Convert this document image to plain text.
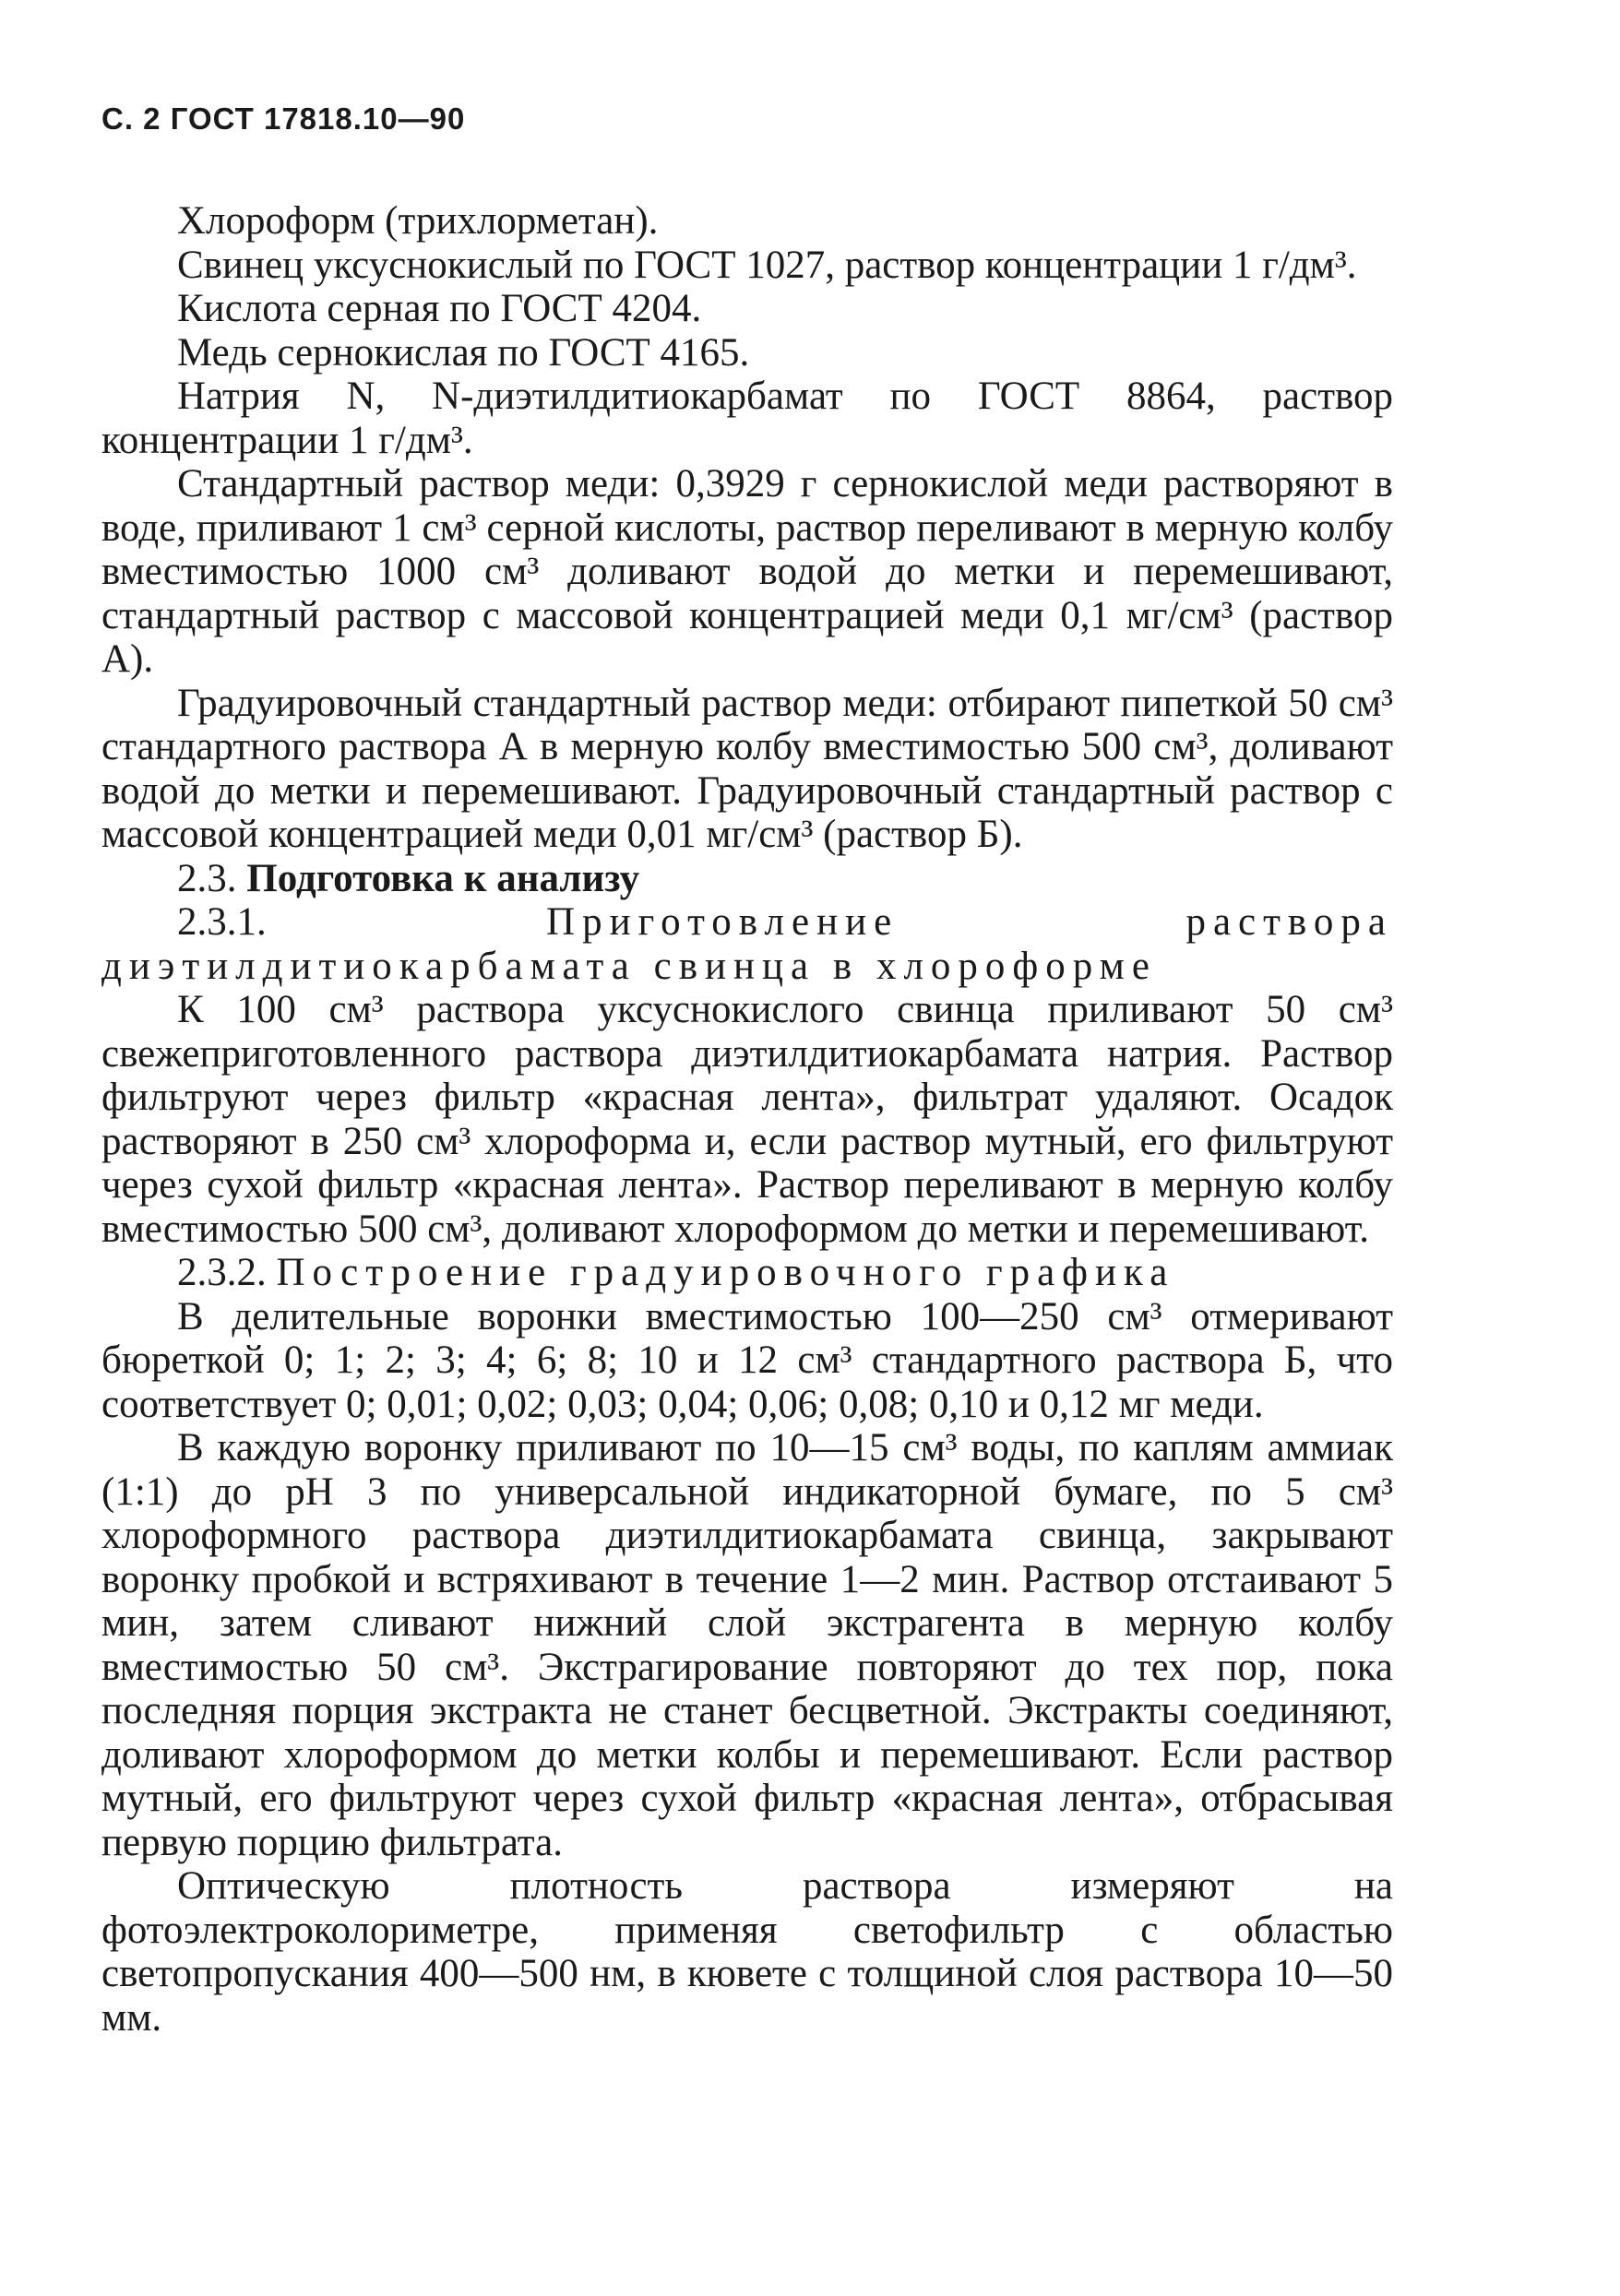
С. 2 ГОСТ 17818.10—90

Хлороформ (трихлорметан).

Свинец уксуснокислый по ГОСТ 1027, раствор концентрации 1 г/дм³.

Кислота серная по ГОСТ 4204.

Медь сернокислая по ГОСТ 4165.

Натрия N, N-диэтилдитиокарбамат по ГОСТ 8864, раствор концентрации 1 г/дм³.

Стандартный раствор меди: 0,3929 г сернокислой меди растворяют в воде, приливают 1 см³ серной кислоты, раствор переливают в мерную колбу вместимостью 1000 см³ доливают водой до метки и перемешивают, стандартный раствор с массовой концентрацией меди 0,1 мг/см³ (раствор А).

Градуировочный стандартный раствор меди: отбирают пипеткой 50 см³ стандартного раствора А в мерную колбу вместимостью 500 см³, доливают водой до метки и перемешивают. Градуировочный стандартный раствор с массовой концентрацией меди 0,01 мг/см³ (раствор Б).

2.3. Подготовка к анализу

2.3.1.	Приготовление раствора диэтилдитиокарбамата свинца в хлороформе

К 100 см³ раствора уксуснокислого свинца приливают 50 см³ свежеприготовленного раствора диэтилдитиокарбамата натрия. Раствор фильтруют через фильтр «красная лента», фильтрат удаляют. Осадок растворяют в 250 см³ хлороформа и, если раствор мутный, его фильтруют через сухой фильтр «красная лента». Раствор переливают в мерную колбу вместимостью 500 см³, доливают хлороформом до метки и перемешивают.

2.3.2. Построение градуировочного графика

В делительные воронки вместимостью 100—250 см³ отмеривают бюреткой 0; 1; 2; 3; 4; 6; 8; 10 и 12 см³ стандартного раствора Б, что соответствует 0; 0,01; 0,02; 0,03; 0,04; 0,06; 0,08; 0,10 и 0,12 мг меди.

В каждую воронку приливают по 10—15 см³ воды, по каплям аммиак (1:1) до pH 3 по универсальной индикаторной бумаге, по 5 см³ хлороформного раствора диэтилдитиокарбамата свинца, закрывают воронку пробкой и встряхивают в течение 1—2 мин. Раствор отстаивают 5 мин, затем сливают нижний слой экстрагента в мерную колбу вместимостью 50 см³. Экстрагирование повторяют до тех пор, пока последняя порция экстракта не станет бесцветной. Экстракты соединяют, доливают хлороформом до метки колбы и перемешивают. Если раствор мутный, его фильтруют через сухой фильтр «красная лента», отбрасывая первую порцию фильтрата.

Оптическую плотность раствора измеряют на фотоэлектроколориметре, применяя светофильтр с областью светопропускания 400—500 нм, в кювете с толщиной слоя раствора 10—50 мм.
